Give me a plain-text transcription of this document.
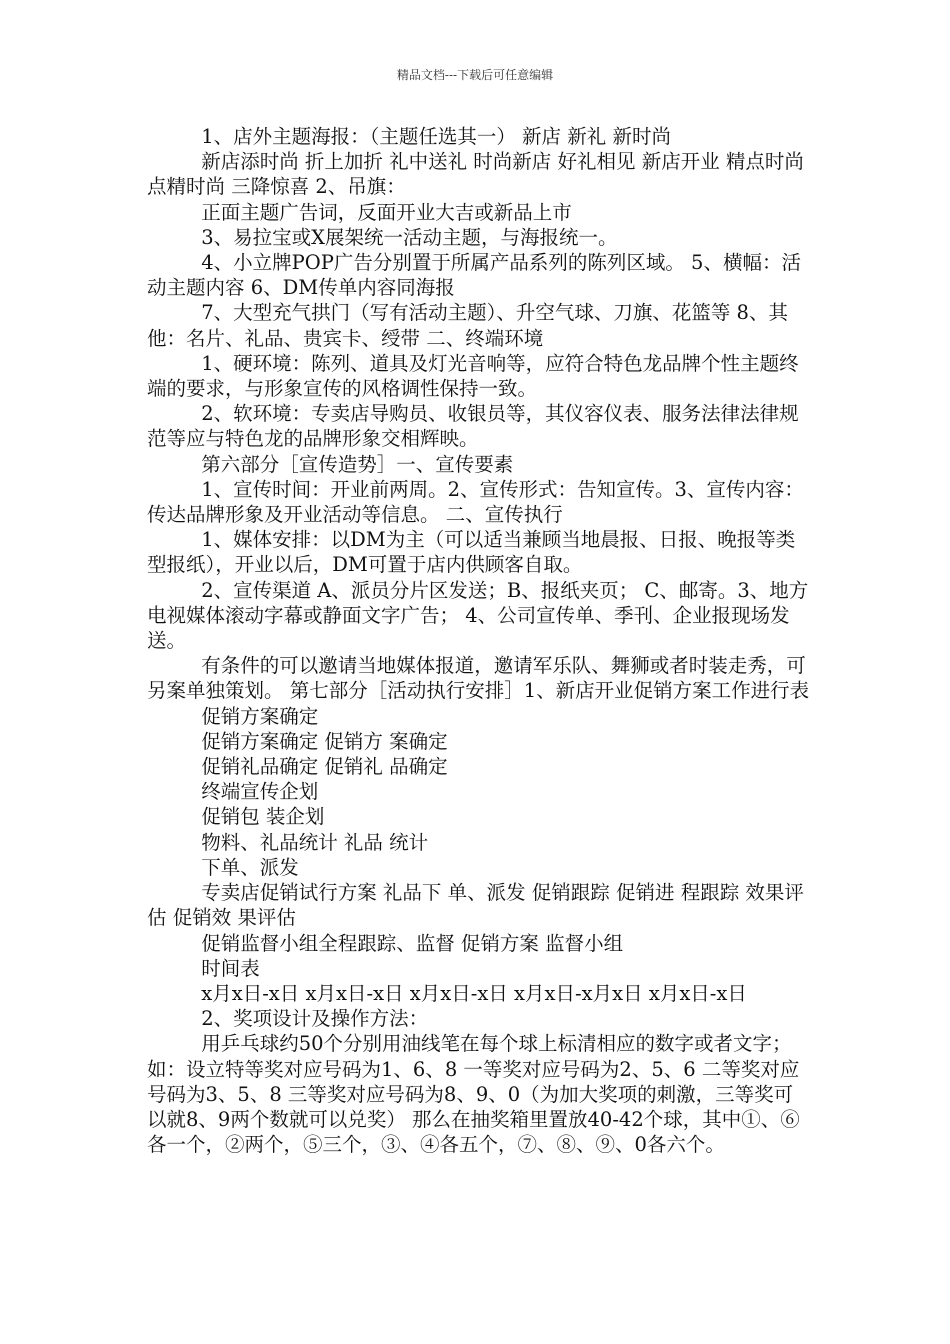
精品文档---下载后可任意编辑

1、店外主题海报：（主题任选其一） 新店 新礼 新时尚

新店添时尚 折上加折 礼中送礼 时尚新店 好礼相见 新店开业 精点时尚 点精时尚 三降惊喜 2、吊旗：

正面主题广告词，反面开业大吉或新品上市

3、易拉宝或X展架统一活动主题，与海报统一。

4、小立牌POP广告分别置于所属产品系列的陈列区域。 5、横幅：活动主题内容 6、DM传单内容同海报

7、大型充气拱门（写有活动主题）、升空气球、刀旗、花篮等 8、其他：名片、礼品、贵宾卡、绶带 二、终端环境

1、硬环境：陈列、道具及灯光音响等，应符合特色龙品牌个性主题终端的要求，与形象宣传的风格调性保持一致。

2、软环境：专卖店导购员、收银员等，其仪容仪表、服务法律法律规范等应与特色龙的品牌形象交相辉映。

第六部分［宣传造势］一、宣传要素

1、宣传时间：开业前两周。2、宣传形式：告知宣传。3、宣传内容：传达品牌形象及开业活动等信息。 二、宣传执行

1、媒体安排：以DM为主（可以适当兼顾当地晨报、日报、晚报等类型报纸），开业以后，DM可置于店内供顾客自取。

2、宣传渠道 A、派员分片区发送；B、报纸夹页； C、邮寄。3、地方电视媒体滚动字幕或静面文字广告； 4、公司宣传单、季刊、企业报现场发送。

有条件的可以邀请当地媒体报道，邀请军乐队、舞狮或者时装走秀，可另案单独策划。 第七部分［活动执行安排］1、新店开业促销方案工作进行表

促销方案确定

促销方案确定 促销方 案确定

促销礼品确定 促销礼 品确定

终端宣传企划

促销包 装企划

物料、礼品统计 礼品 统计

下单、派发

专卖店促销试行方案 礼品下 单、派发 促销跟踪 促销进 程跟踪 效果评估 促销效 果评估

促销监督小组全程跟踪、监督 促销方案 监督小组

时间表

x月x日-x日 x月x日-x日 x月x日-x日 x月x日-x月x日 x月x日-x日

2、奖项设计及操作方法：

用乒乓球约50个分别用油线笔在每个球上标清相应的数字或者文字； 如：设立特等奖对应号码为1、6、8 一等奖对应号码为2、5、6 二等奖对应号码为3、5、8 三等奖对应号码为8、9、0（为加大奖项的刺激，三等奖可以就8、9两个数就可以兑奖） 那么在抽奖箱里置放40-42个球，其中①、⑥各一个，②两个，⑤三个，③、④各五个，⑦、⑧、⑨、0各六个。
